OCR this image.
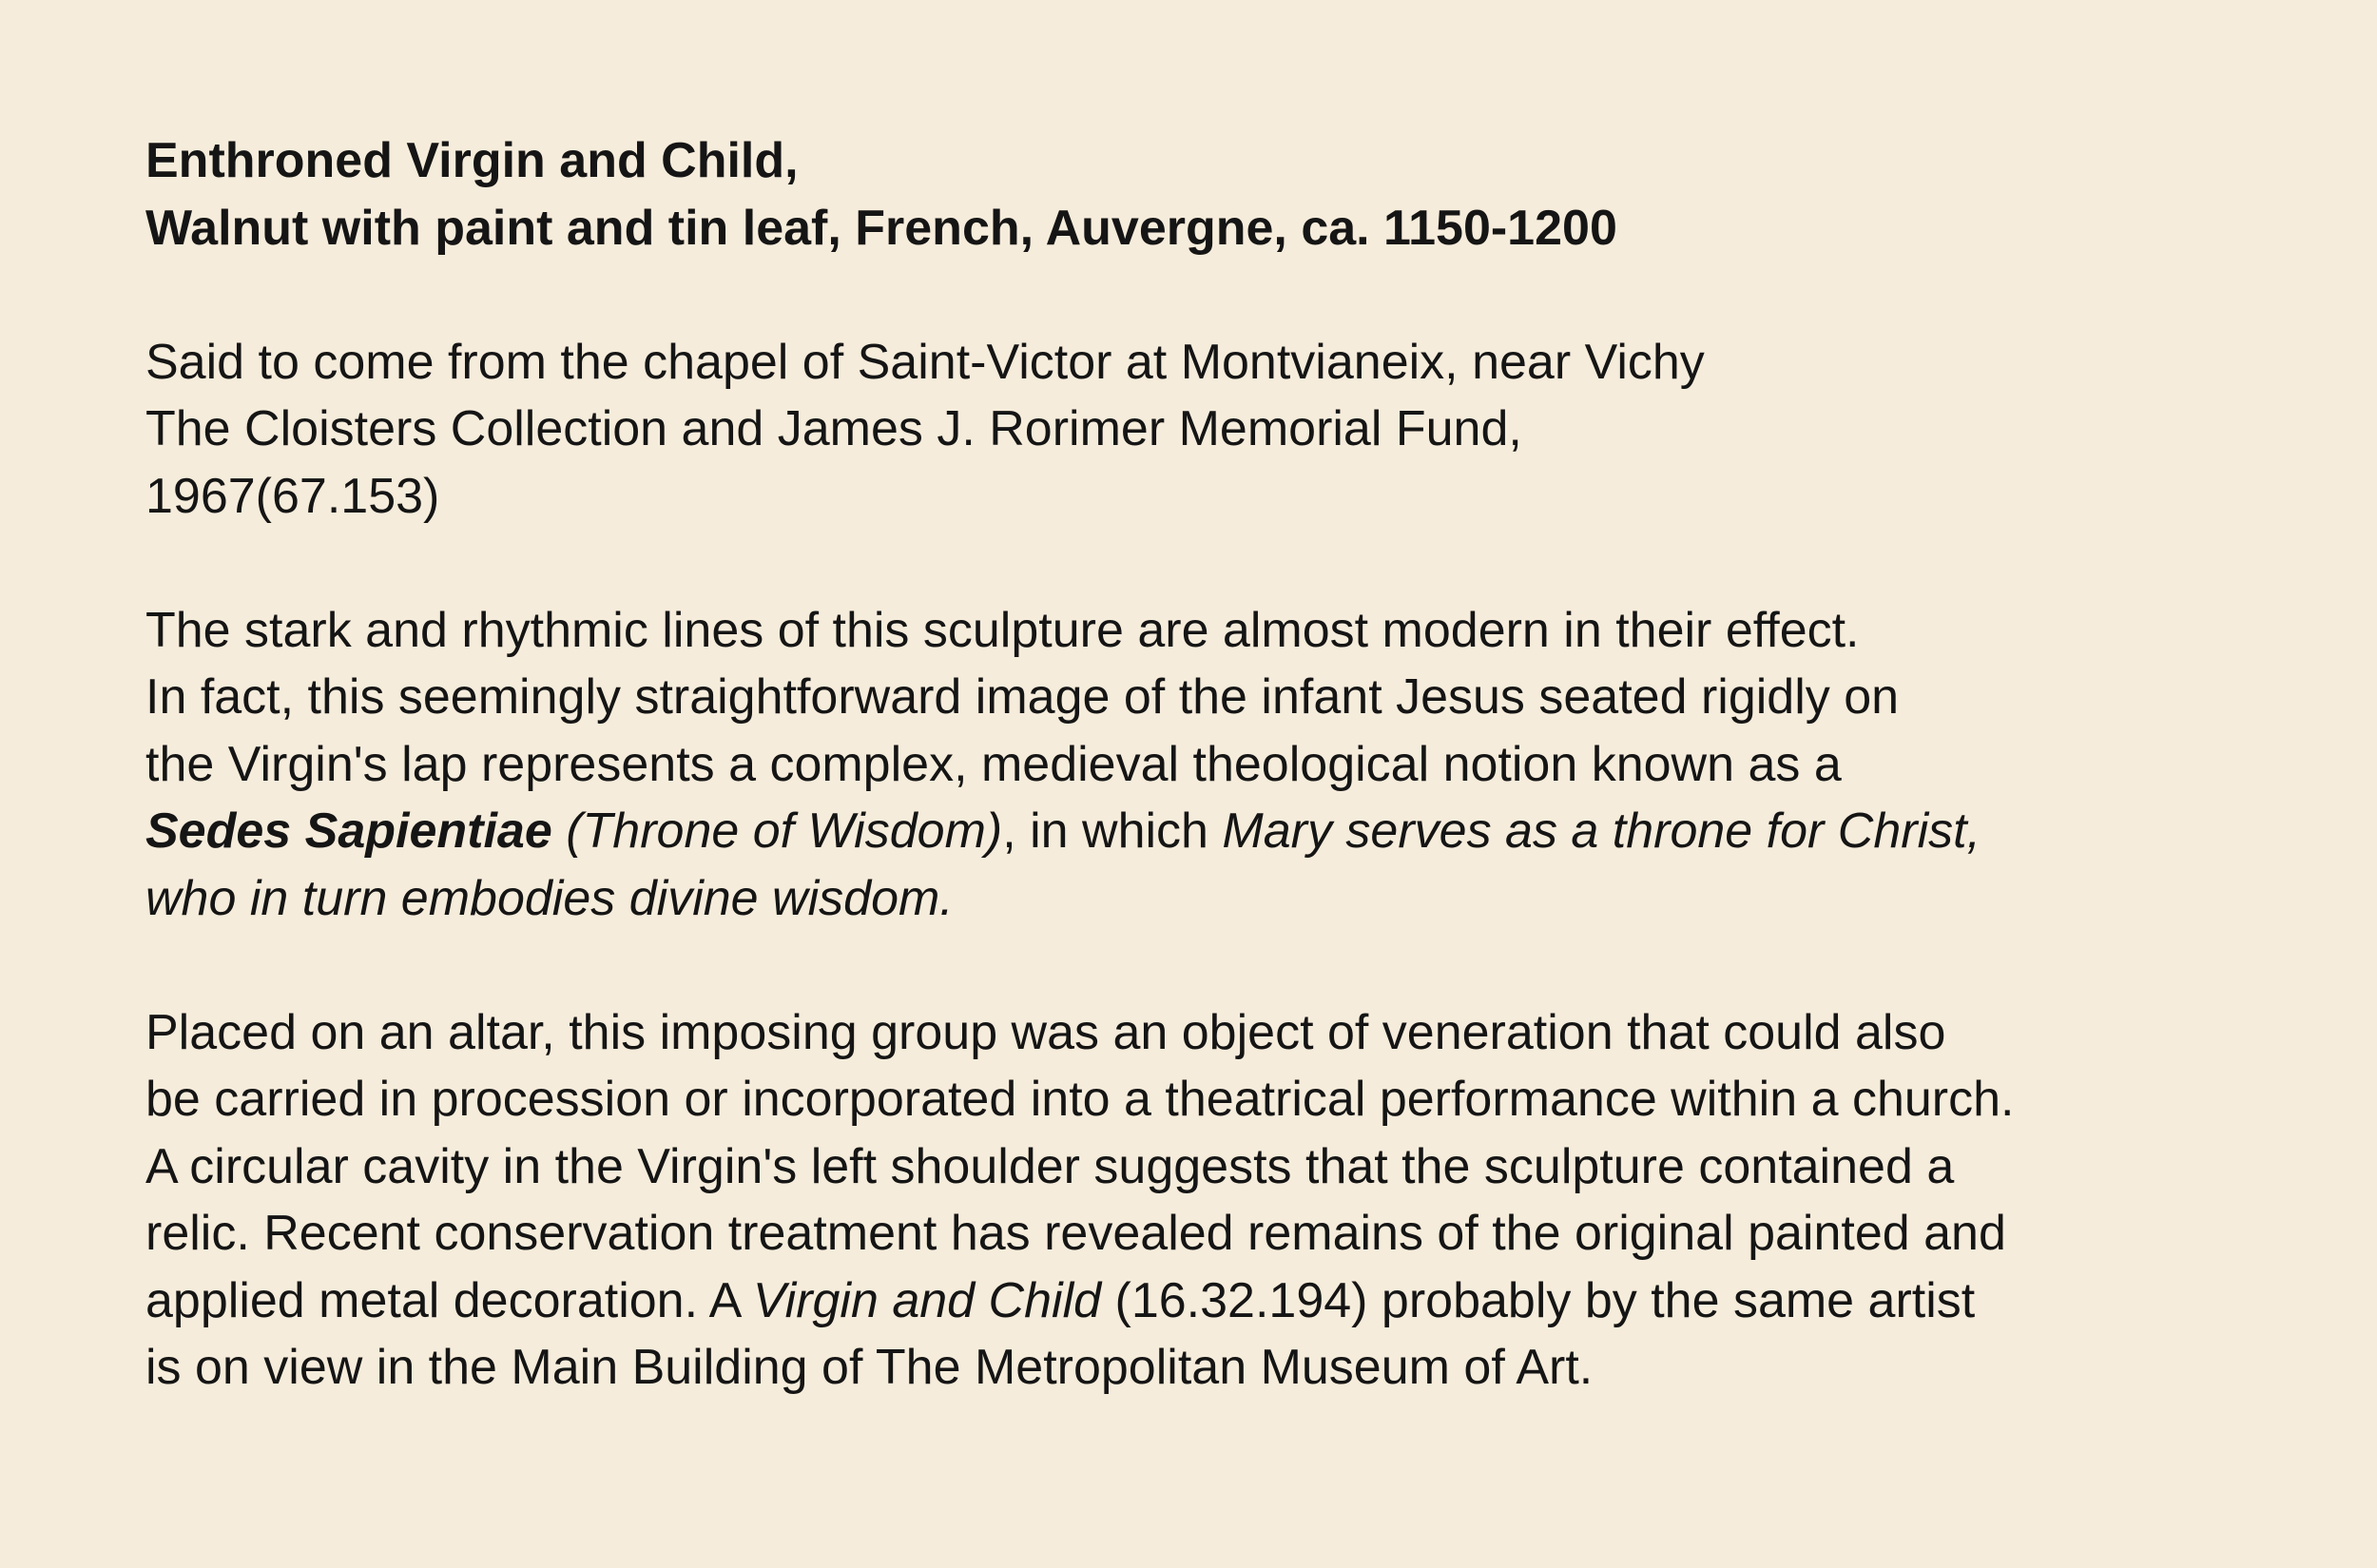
Enthroned Virgin and Child,
Walnut with paint and tin leaf, French, Auvergne, ca. 1150-1200
Said to come from the chapel of Saint-Victor at Montvianeix, near Vichy
The Cloisters Collection and James J. Rorimer Memorial Fund,
1967(67.153)
The stark and rhythmic lines of this sculpture are almost modern in their effect.
In fact, this seemingly straightforward image of the infant Jesus seated rigidly on
the Virgin's lap represents a complex, medieval theological notion known as a
Sedes Sapientiae (Throne of Wisdom), in which Mary serves as a throne for Christ,
who in turn embodies divine wisdom.
Placed on an altar, this imposing group was an object of veneration that could also
be carried in procession or incorporated into a theatrical performance within a church.
A circular cavity in the Virgin's left shoulder suggests that the sculpture contained a
relic. Recent conservation treatment has revealed remains of the original painted and
applied metal decoration. A Virgin and Child (16.32.194) probably by the same artist
is on view in the Main Building of The Metropolitan Museum of Art.
